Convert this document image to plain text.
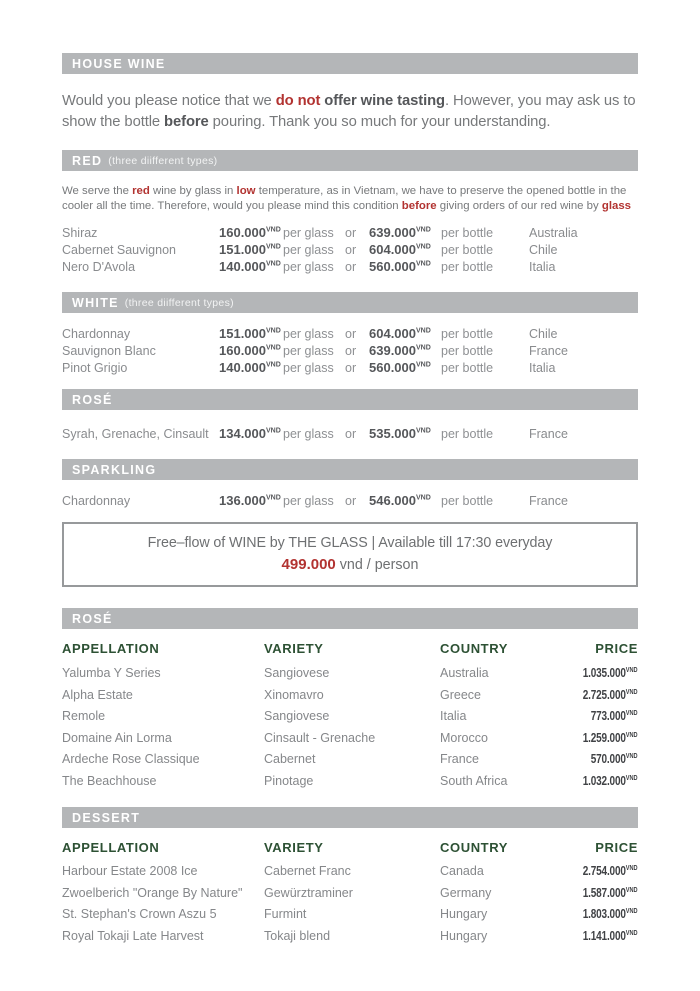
HOUSE WINE

Would you please notice that we do not offer wine tasting. However, you may ask us to show the bottle before pouring. Thank you so much for your understanding.

RED (three diifferent types)

We serve the red wine by glass in low temperature, as in Vietnam, we have to preserve the opened bottle in the cooler all the time. Therefore, would you please mind this condition before giving orders of our red wine by glass

Shiraz	$160.000^{VND}$ per glass or $639.000^{VND}$ per bottle	Australia
Cabernet Sauvignon	$151.000^{VND}$ per glass or $604.000^{VND}$ per bottle	Chile
Nero D'Avola	$140.000^{VND}$ per glass or $560.000^{VND}$ per bottle	Italia
WHITE (three diifferent types)
Chardonnay	$151.000^{VND}$ per glass or $604.000^{VND}$ per bottle	Chile
Sauvignon Blanc	$160.000^{VND}$ per glass or $639.000^{VND}$ per bottle	France
Pinot Grigio	$140.000^{VND}$ per glass or $560.000^{VND}$ per bottle	Italia
ROSÉ
Syrah, Grenache, Cinsault $134.000^{VND}$ per glass or $535.000^{VND}$ per bottle	France
SPARKLING
Chardonnay	$136.000^{VND}$ per glass or $546.000^{VND}$ per bottle	France
Free–flow of WINE by THE GLASS | Available till 17:30 everyday
499.000 vnd / person
ROSÉ
APPELLATION	VARIETY	COUNTRY	PRICE
Yalumba Y Series	Sangiovese	Australia	$1.035.000^{VND}$
Alpha Estate	Xinomavro	Greece	$2.725.000^{VND}$
Remole	Sangiovese	Italia	$773.000^{VND}$
Domaine Ain Lorma	Cinsault - Grenache	Morocco	$1.259.000^{VND}$
Ardeche Rose Classique	Cabernet	France	$570.000^{VND}$
The Beachhouse	Pinotage	South Africa	$1.032.000^{VND}$
DESSERT
APPELLATION	VARIETY	COUNTRY	PRICE
Harbour Estate 2008 Ice	Cabernet Franc	Canada	$2.754.000^{VND}$
Zwoelberich "Orange By Nature"	Gewürztraminer	Germany	$1.587.000^{VND}$
St. Stephan's Crown Aszu 5	Furmint	Hungary	$1.803.000^{VND}$
Royal Tokaji Late Harvest	Tokaji blend	Hungary	$1.141.000^{VND}$
